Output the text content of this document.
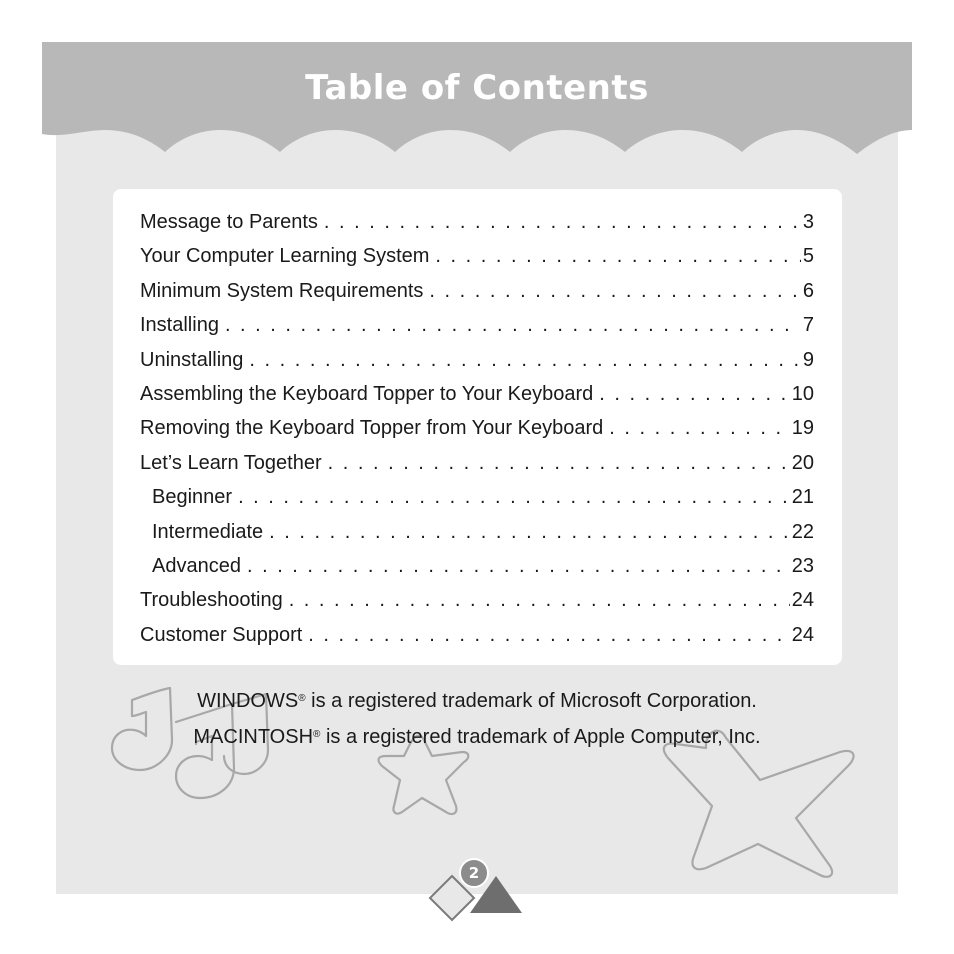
Table of Contents
Message to Parents . . .	3
Your Computer Learning System . . .	5
Minimum System Requirements . . .	6
Installing . . .	7
Uninstalling . . .	9
Assembling the Keyboard Topper to Your Keyboard . . .	10
Removing the Keyboard Topper from Your Keyboard . . .	19
Let’s Learn Together . . .	20
Beginner . . .	21
Intermediate . . .	22
Advanced . . .	23
Troubleshooting . . .	24
Customer Support . . .	24
WINDOWS® is a registered trademark of Microsoft Corporation.
MACINTOSH® is a registered trademark of Apple Computer, Inc.
2
